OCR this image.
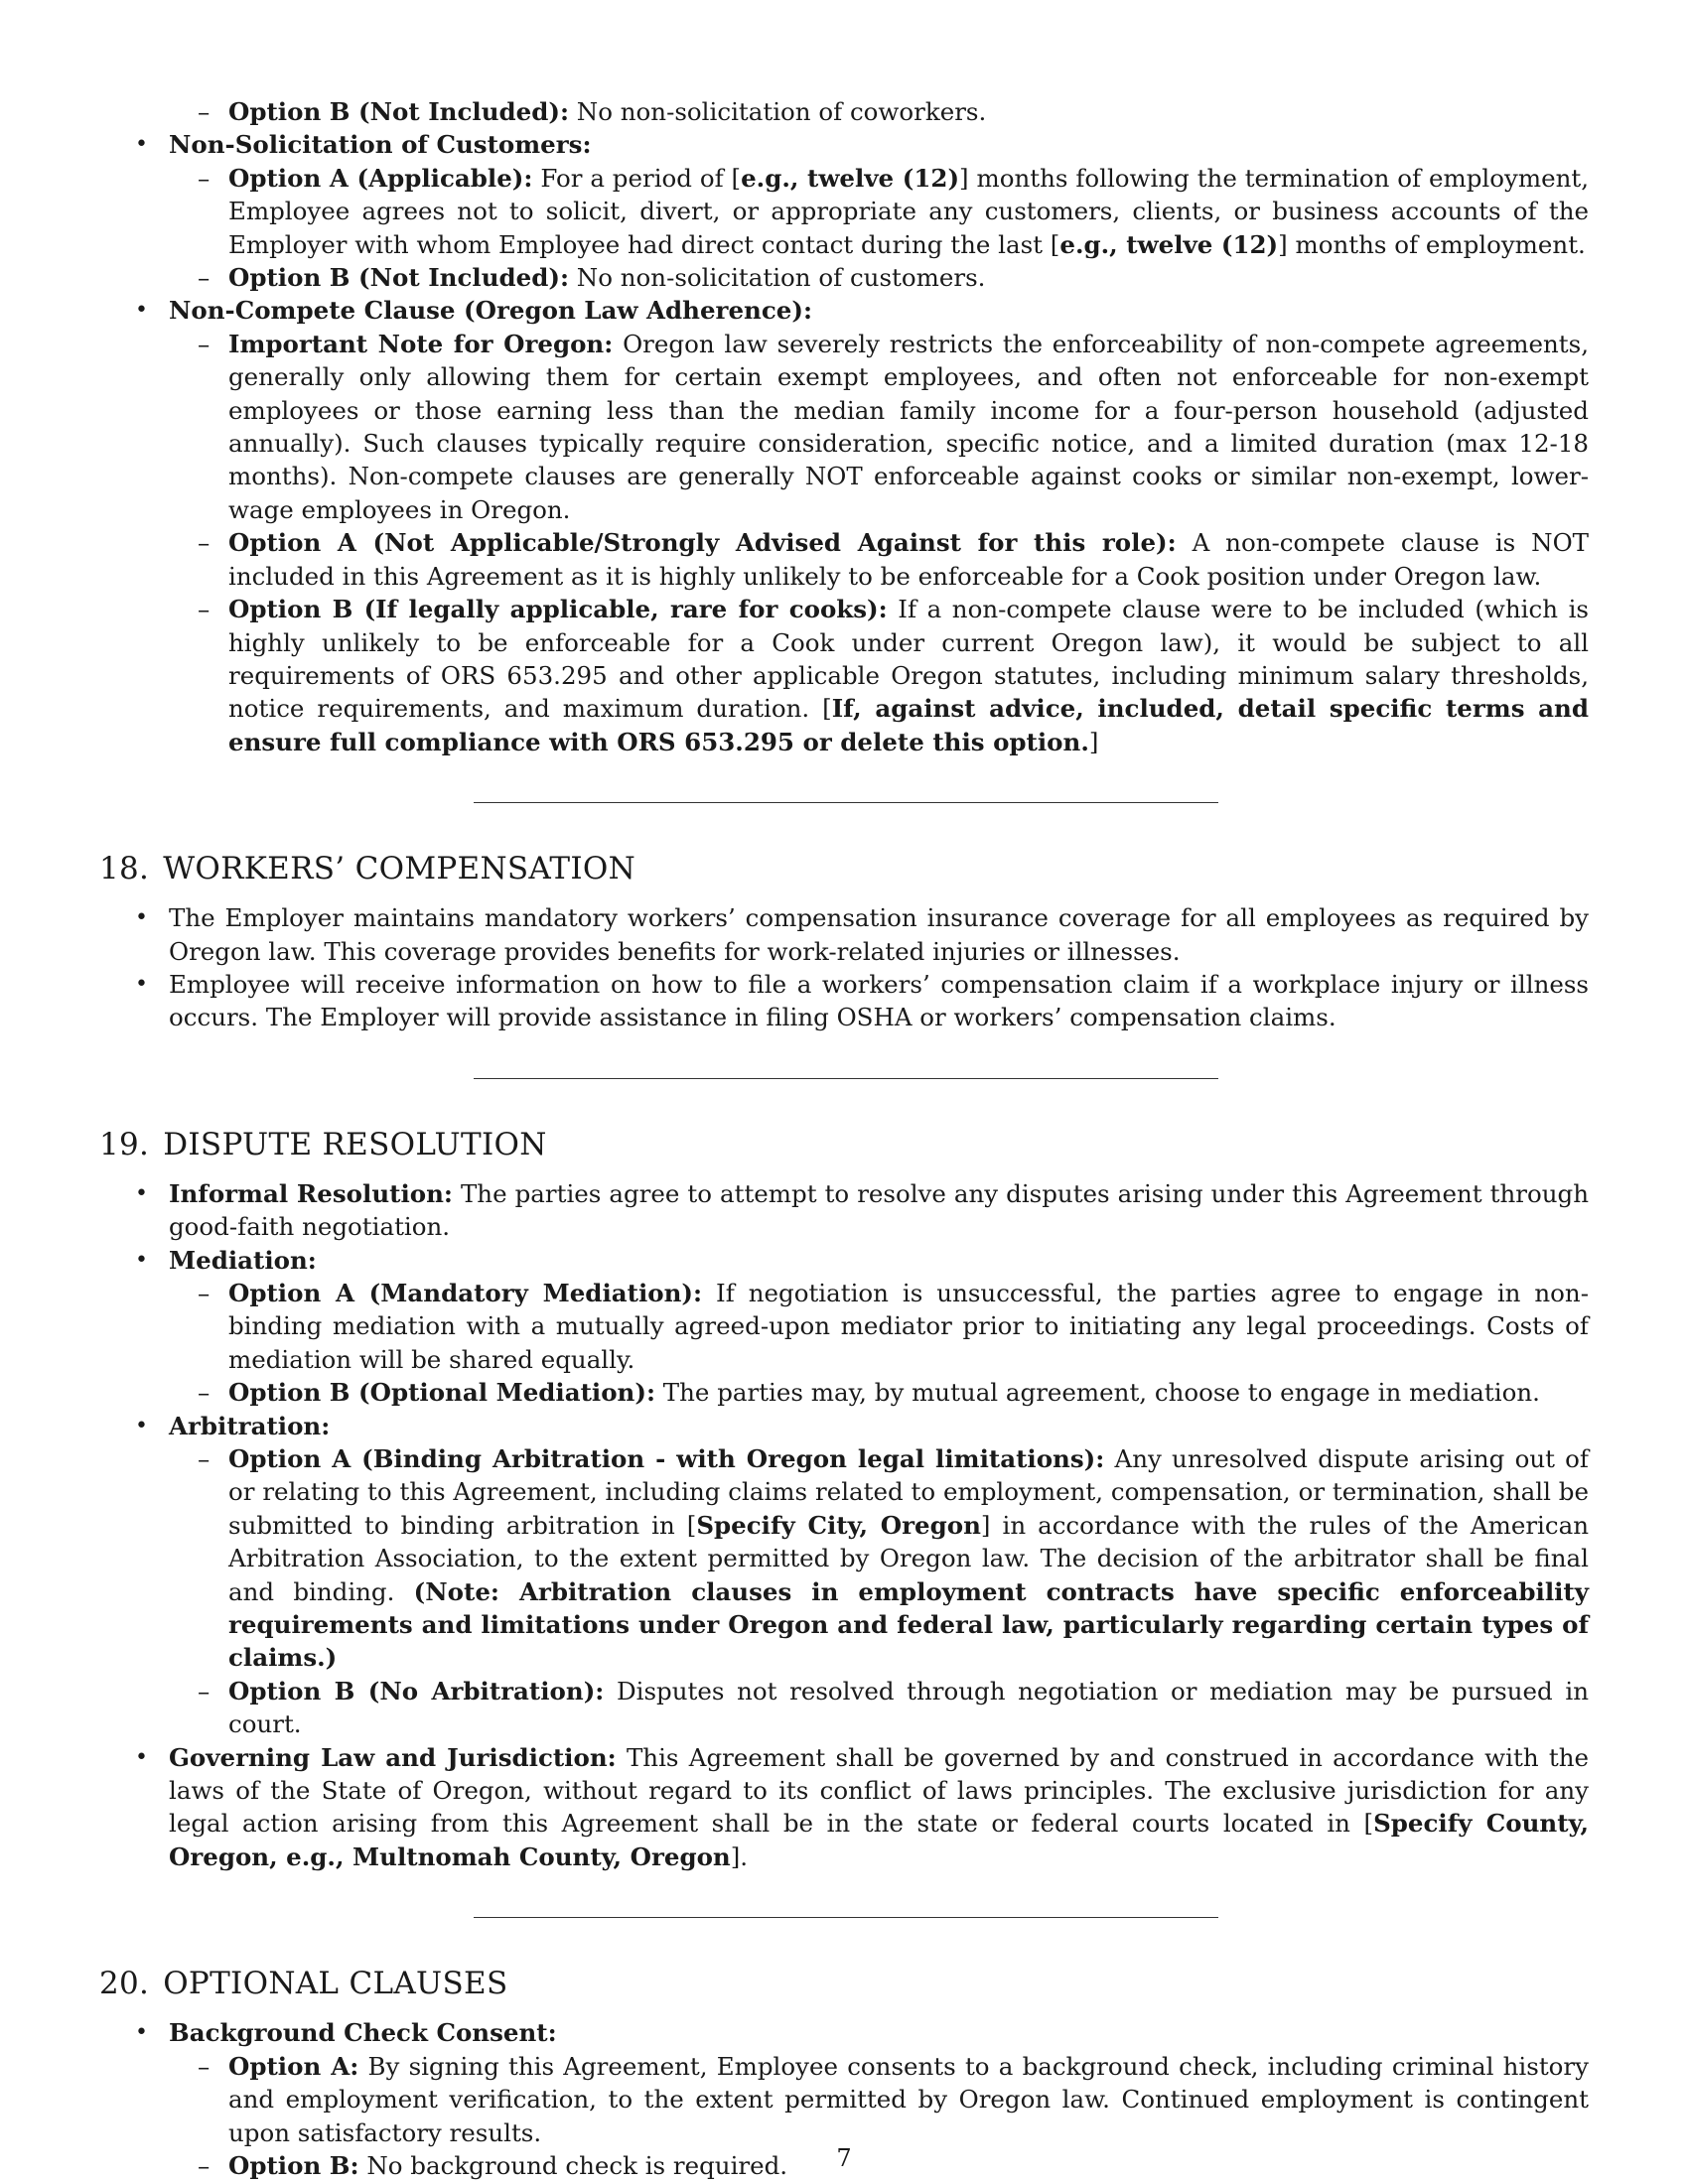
– Option B (Not Included): No non-solicitation of coworkers.
• Non-Solicitation of Customers:
– Option A (Applicable): For a period of [e.g., twelve (12)] months following the termination of employment, Employee agrees not to solicit, divert, or appropriate any customers, clients, or business accounts of the Employer with whom Employee had direct contact during the last [e.g., twelve (12)] months of employment.
– Option B (Not Included): No non-solicitation of customers.
• Non-Compete Clause (Oregon Law Adherence):
– Important Note for Oregon: Oregon law severely restricts the enforceability of non-compete agreements, generally only allowing them for certain exempt employees, and often not enforceable for non-exempt employees or those earning less than the median family income for a four-person household (adjusted annually). Such clauses typically require consideration, specific notice, and a limited duration (max 12-18 months). Non-compete clauses are generally NOT enforceable against cooks or similar non-exempt, lower-wage employees in Oregon.
– Option A (Not Applicable/Strongly Advised Against for this role): A non-compete clause is NOT included in this Agreement as it is highly unlikely to be enforceable for a Cook position under Oregon law.
– Option B (If legally applicable, rare for cooks): If a non-compete clause were to be included (which is highly unlikely to be enforceable for a Cook under current Oregon law), it would be subject to all requirements of ORS 653.295 and other applicable Oregon statutes, including minimum salary thresholds, notice requirements, and maximum duration. [If, against advice, included, detail specific terms and ensure full compliance with ORS 653.295 or delete this option.]
18. WORKERS’ COMPENSATION
• The Employer maintains mandatory workers’ compensation insurance coverage for all employees as required by Oregon law. This coverage provides benefits for work-related injuries or illnesses.
• Employee will receive information on how to file a workers’ compensation claim if a workplace injury or illness occurs. The Employer will provide assistance in filing OSHA or workers’ compensation claims.
19. DISPUTE RESOLUTION
• Informal Resolution: The parties agree to attempt to resolve any disputes arising under this Agreement through good-faith negotiation.
• Mediation:
– Option A (Mandatory Mediation): If negotiation is unsuccessful, the parties agree to engage in non-binding mediation with a mutually agreed-upon mediator prior to initiating any legal proceedings. Costs of mediation will be shared equally.
– Option B (Optional Mediation): The parties may, by mutual agreement, choose to engage in mediation.
• Arbitration:
– Option A (Binding Arbitration - with Oregon legal limitations): Any unresolved dispute arising out of or relating to this Agreement, including claims related to employment, compensation, or termination, shall be submitted to binding arbitration in [Specify City, Oregon] in accordance with the rules of the American Arbitration Association, to the extent permitted by Oregon law. The decision of the arbitrator shall be final and binding. (Note: Arbitration clauses in employment contracts have specific enforceability requirements and limitations under Oregon and federal law, particularly regarding certain types of claims.)
– Option B (No Arbitration): Disputes not resolved through negotiation or mediation may be pursued in court.
• Governing Law and Jurisdiction: This Agreement shall be governed by and construed in accordance with the laws of the State of Oregon, without regard to its conflict of laws principles. The exclusive jurisdiction for any legal action arising from this Agreement shall be in the state or federal courts located in [Specify County, Oregon, e.g., Multnomah County, Oregon].
20. OPTIONAL CLAUSES
• Background Check Consent:
– Option A: By signing this Agreement, Employee consents to a background check, including criminal history and employment verification, to the extent permitted by Oregon law. Continued employment is contingent upon satisfactory results.
– Option B: No background check is required.	7
